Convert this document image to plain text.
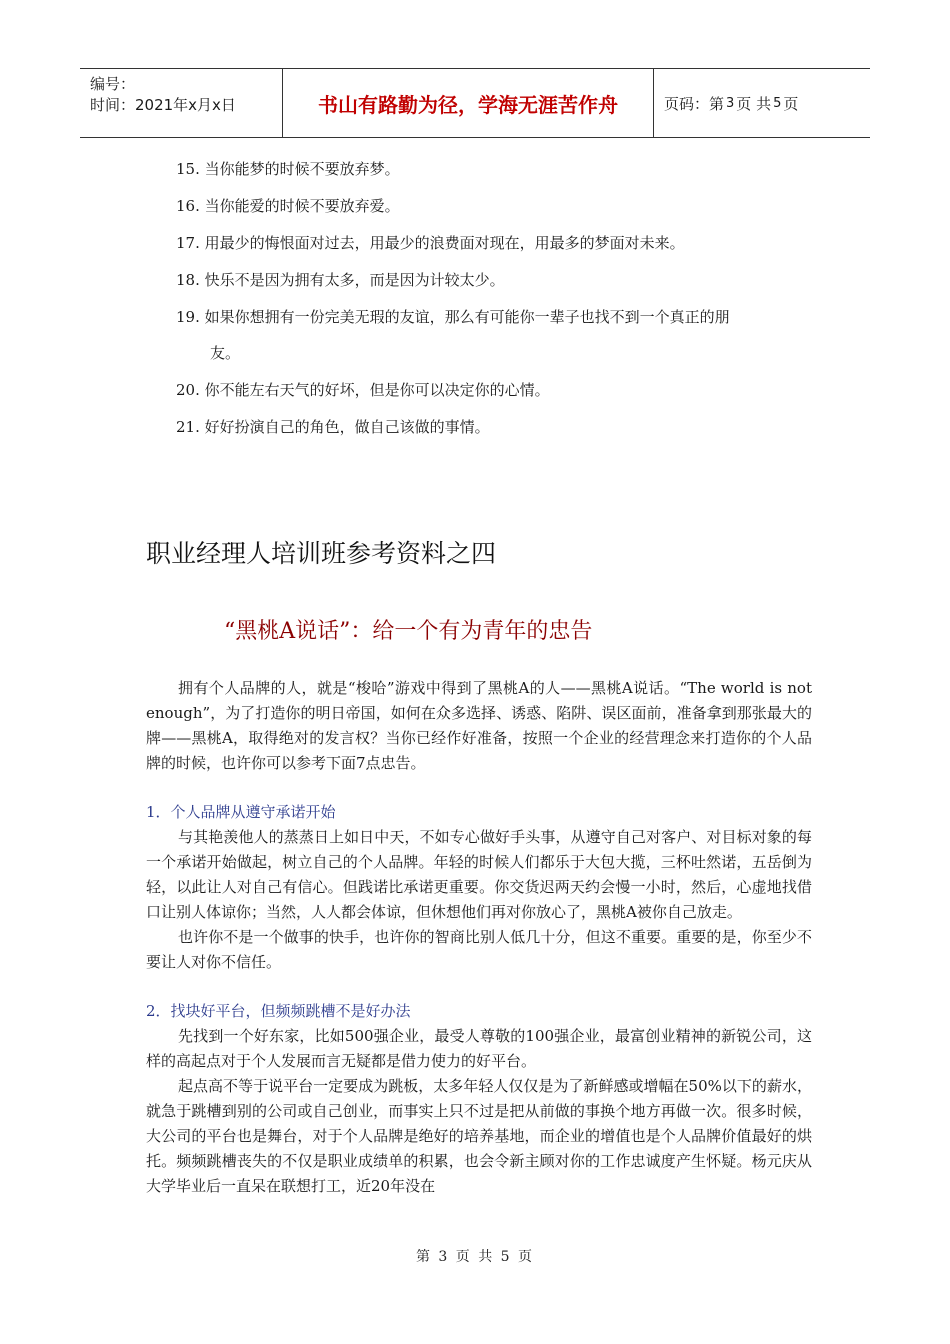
编号：
时间：2021年x月x日	书山有路勤为径，学海无涯苦作舟	页码：第 3 页 共 5 页
15. 当你能梦的时候不要放弃梦。
16. 当你能爱的时候不要放弃爱。
17. 用最少的悔恨面对过去，用最少的浪费面对现在，用最多的梦面对未来。
18. 快乐不是因为拥有太多，而是因为计较太少。
19. 如果你想拥有一份完美无瑕的友谊，那么有可能你一辈子也找不到一个真正的朋
友。
20. 你不能左右天气的好坏，但是你可以决定你的心情。
21. 好好扮演自己的角色，做自己该做的事情。
职业经理人培训班参考资料之四
“黑桃A说话”：给一个有为青年的忠告

拥有个人品牌的人，就是“梭哈”游戏中得到了黑桃A的人——黑桃A说话。“The world is not enough”，为了打造你的明日帝国，如何在众多选择、诱惑、陷阱、误区面前，准备拿到那张最大的牌——黑桃A，取得绝对的发言权？当你已经作好准备，按照一个企业的经营理念来打造你的个人品牌的时候，也许你可以参考下面7点忠告。

1．个人品牌从遵守承诺开始

与其艳羡他人的蒸蒸日上如日中天，不如专心做好手头事，从遵守自己对客户、对目标对象的每一个承诺开始做起，树立自己的个人品牌。年轻的时候人们都乐于大包大揽，三杯吐然诺，五岳倒为轻，以此让人对自己有信心。但践诺比承诺更重要。你交货迟两天约会慢一小时，然后，心虚地找借口让别人体谅你；当然，人人都会体谅，但休想他们再对你放心了，黑桃A被你自己放走。

也许你不是一个做事的快手，也许你的智商比别人低几十分，但这不重要。重要的是，你至少不要让人对你不信任。

2．找块好平台，但频频跳槽不是好办法

先找到一个好东家，比如500强企业，最受人尊敬的100强企业，最富创业精神的新锐公司，这样的高起点对于个人发展而言无疑都是借力使力的好平台。

起点高不等于说平台一定要成为跳板，太多年轻人仅仅是为了新鲜感或增幅在50%以下的薪水，就急于跳槽到别的公司或自己创业，而事实上只不过是把从前做的事换个地方再做一次。很多时候，大公司的平台也是舞台，对于个人品牌是绝好的培养基地，而企业的增值也是个人品牌价值最好的烘托。频频跳槽丧失的不仅是职业成绩单的积累，也会令新主顾对你的工作忠诚度产生怀疑。杨元庆从大学毕业后一直呆在联想打工，近20年没在

第 3 页 共 5 页
